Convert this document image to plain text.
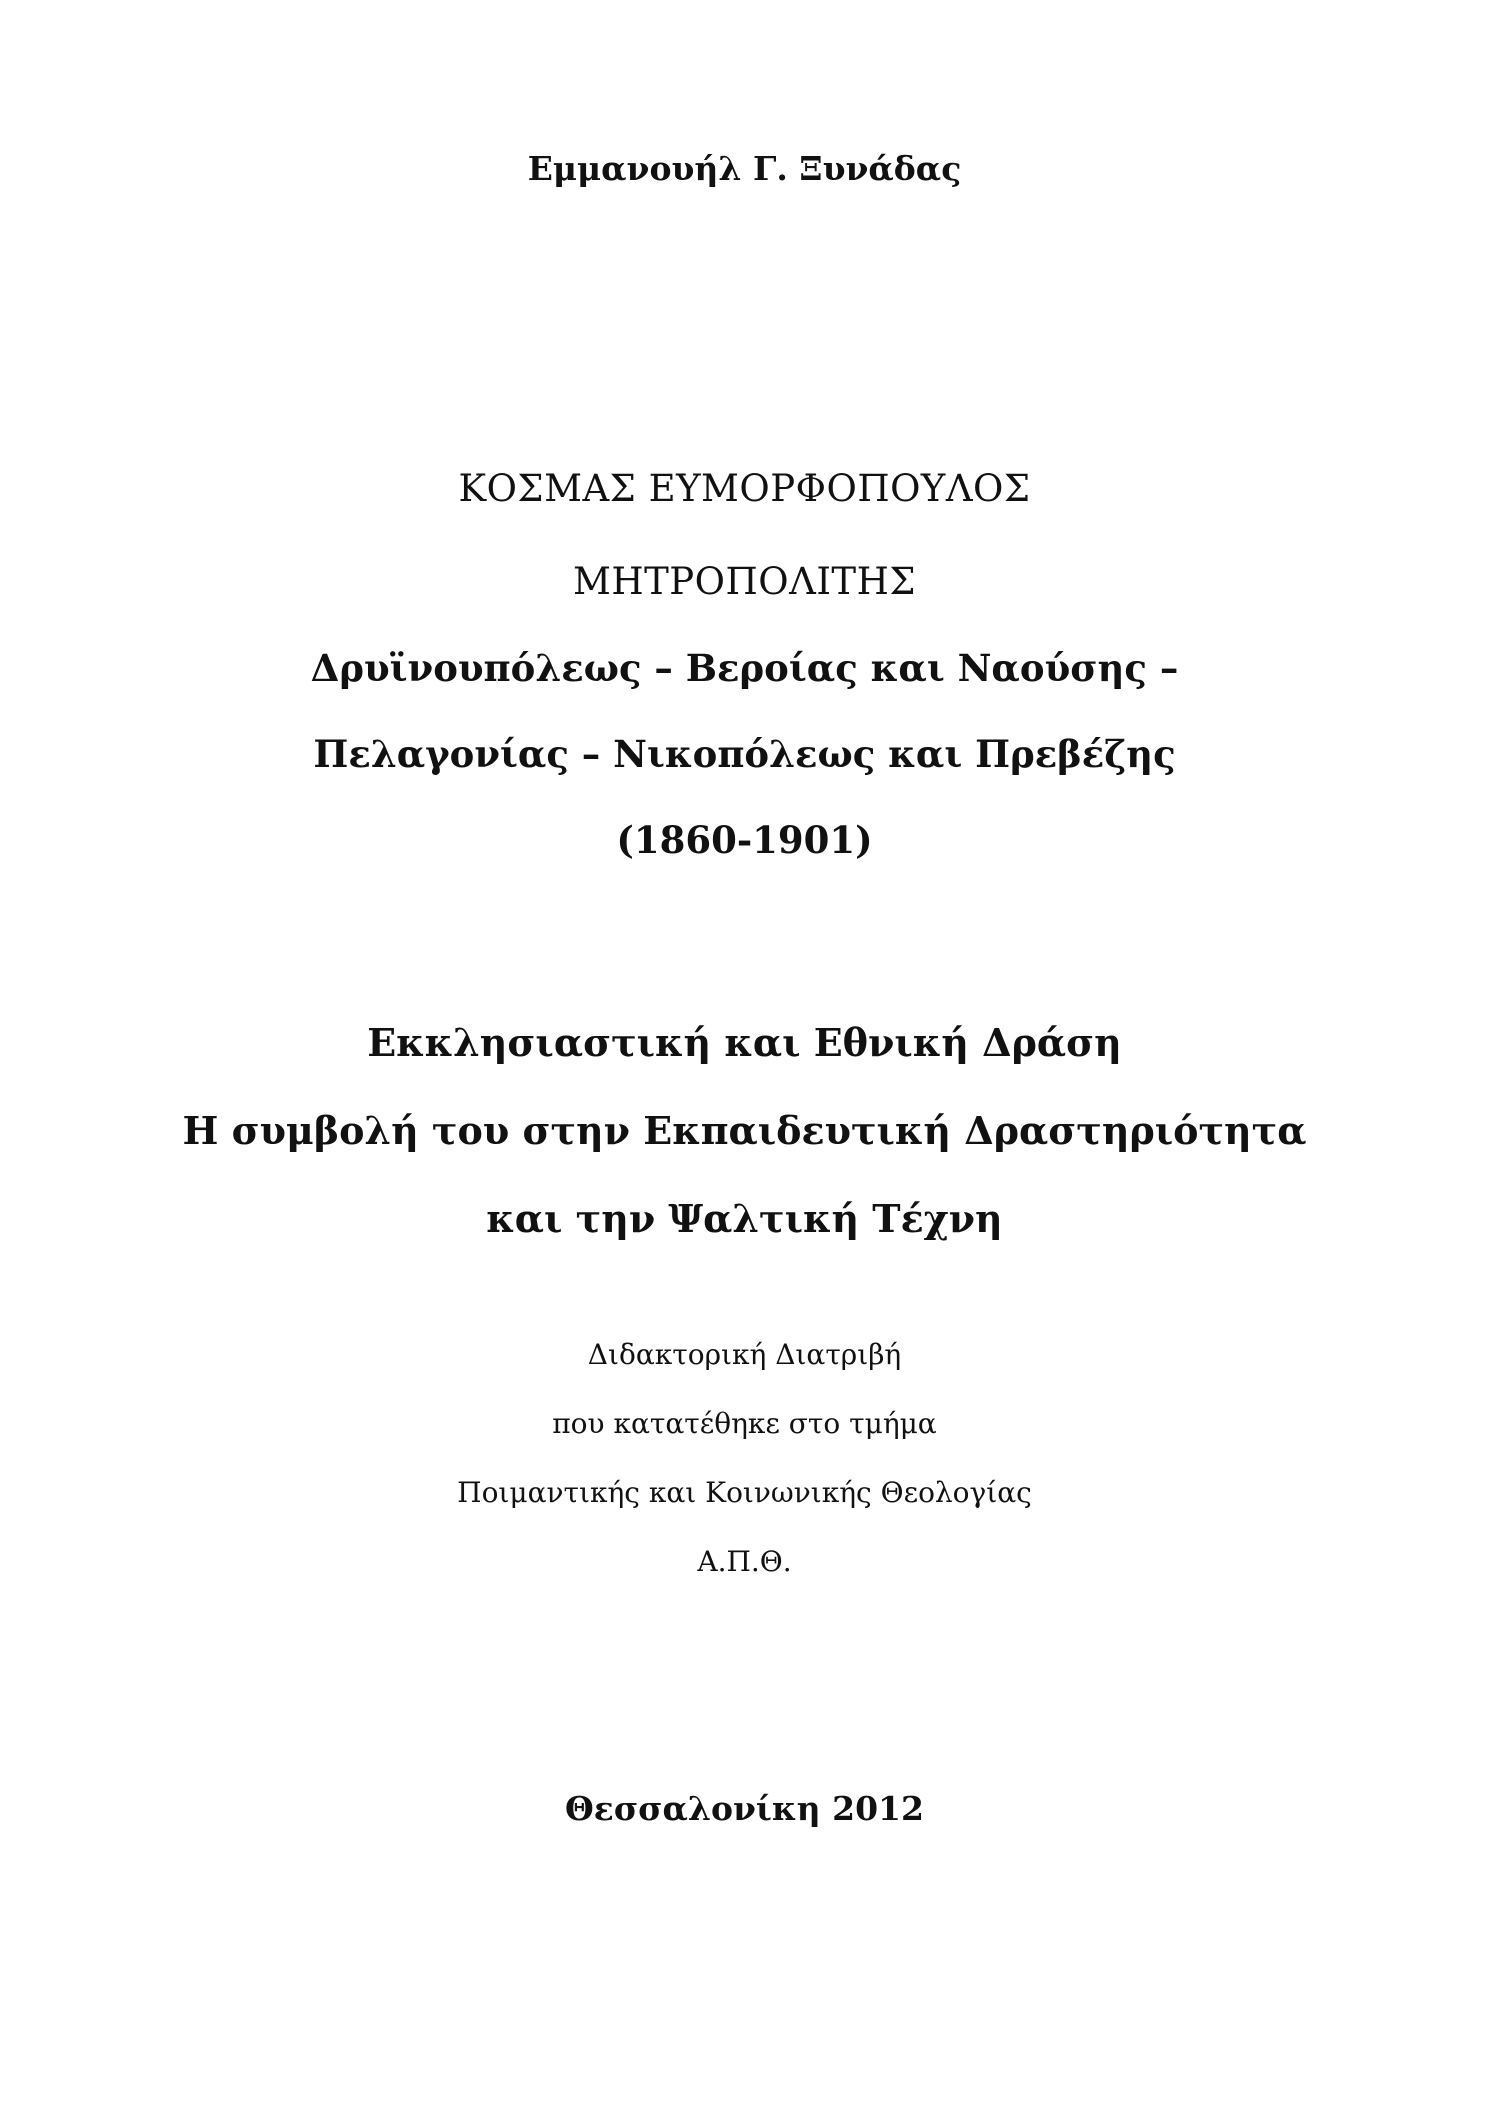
Εμμανουήλ Γ. Ξυνάδας
ΚΟΣΜΑΣ ΕΥΜΟΡΦΟΠΟΥΛΟΣ
ΜΗΤΡΟΠΟΛΙΤΗΣ
Δρυϊνουπόλεως – Βεροίας και Ναούσης –
Πελαγονίας – Νικοπόλεως και Πρεβέζης
(1860-1901)
Εκκλησιαστική και Εθνική Δράση
Η συμβολή του στην Εκπαιδευτική Δραστηριότητα
και την Ψαλτική Τέχνη
Διδακτορική Διατριβή
που κατατέθηκε στο τμήμα
Ποιμαντικής και Κοινωνικής Θεολογίας
Α.Π.Θ.
Θεσσαλονίκη 2012
